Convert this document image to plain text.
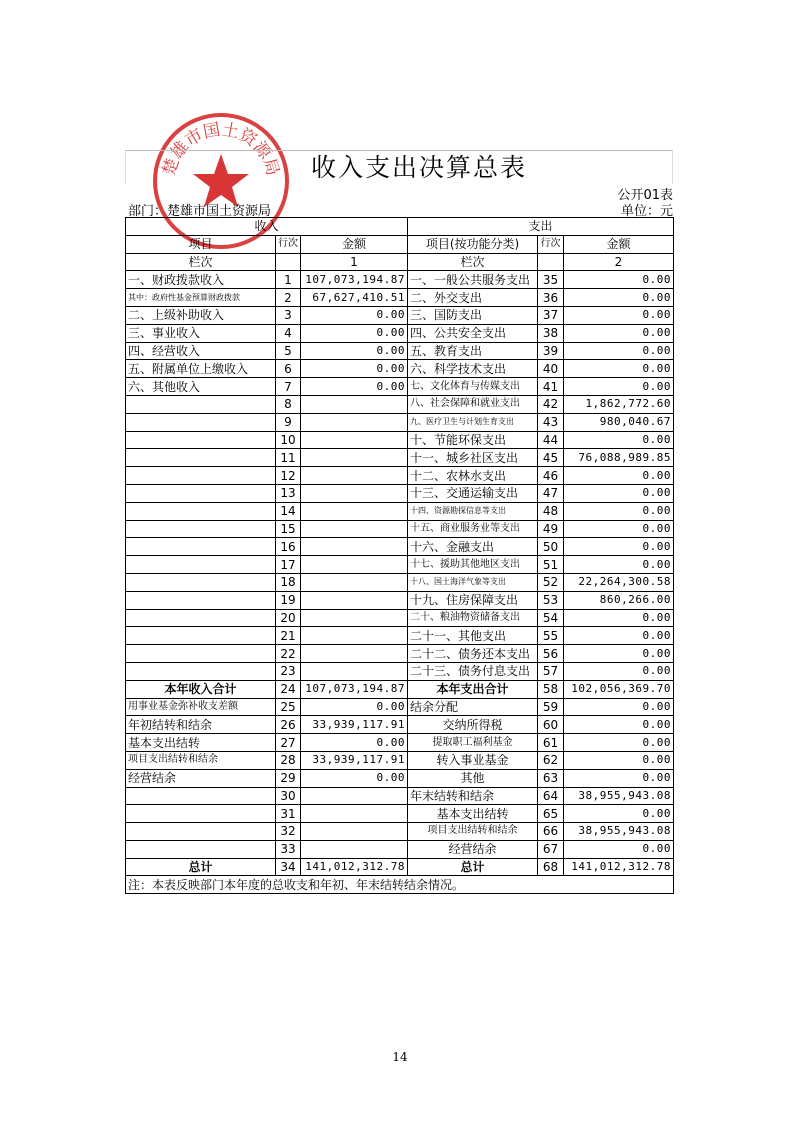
楚雄市国土资源局	收入支出决算总表
公开01表
部门：楚雄市国土资源局	单位：元
收入			支出		
项目	行次	金额	项目(按功能分类)	行次	金额
栏次		1	栏次		2
一、财政拨款收入	1	107,073,194.87	一、一般公共服务支出	35	0.00
其中：政府性基金预算财政拨款	2	67,627,410.51	二、外交支出	36	0.00
二、上级补助收入	3	0.00	三、国防支出	37	0.00
三、事业收入	4	0.00	四、公共安全支出	38	0.00
四、经营收入	5	0.00	五、教育支出	39	0.00
五、附属单位上缴收入	6	0.00	六、科学技术支出	40	0.00
六、其他收入	7	0.00	七、文化体育与传媒支出	41	0.00
	8		八、社会保障和就业支出	42	1,862,772.60
	9		九、医疗卫生与计划生育支出	43	980,040.67
	10		十、节能环保支出	44	0.00
	11		十一、城乡社区支出	45	76,088,989.85
	12		十二、农林水支出	46	0.00
	13		十三、交通运输支出	47	0.00
	14		十四、资源勘探信息等支出	48	0.00
	15		十五、商业服务业等支出	49	0.00
	16		十六、金融支出	50	0.00
	17		十七、援助其他地区支出	51	0.00
	18		十八、国土海洋气象等支出	52	22,264,300.58
	19		十九、住房保障支出	53	860,266.00
	20		二十、粮油物资储备支出	54	0.00
	21		二十一、其他支出	55	0.00
	22		二十二、债务还本支出	56	0.00
	23		二十三、债务付息支出	57	0.00
本年收入合计	24	107,073,194.87	本年支出合计	58	102,056,369.70
用事业基金弥补收支差额	25	0.00	结余分配	59	0.00
年初结转和结余	26	33,939,117.91	交纳所得税	60	0.00
基本支出结转	27	0.00	提取职工福利基金	61	0.00
项目支出结转和结余	28	33,939,117.91	转入事业基金	62	0.00
经营结余	29	0.00	其他	63	0.00
	30		年末结转和结余	64	38,955,943.08
	31		基本支出结转	65	0.00
	32		项目支出结转和结余	66	38,955,943.08
	33		经营结余	67	0.00
总计	34	141,012,312.78	总计	68	141,012,312.78
注：本表反映部门本年度的总收支和年初、年末结转结余情况。					
14
